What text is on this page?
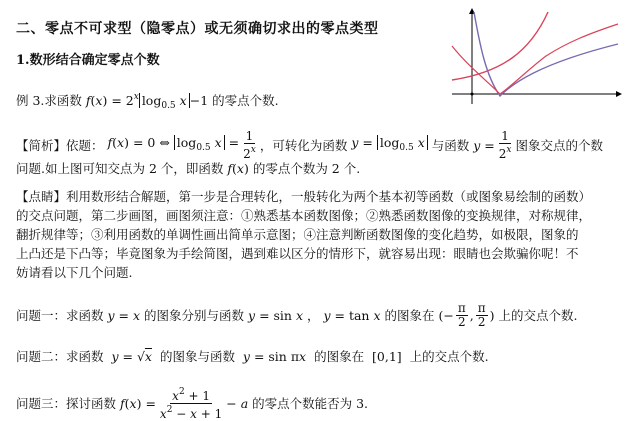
二、零点不可求型（隐零点）或无须确切求出的零点类型
1.数形结合确定零点个数
例 3.求函数 $f(x) = 2^x$ $\log_{0.5} x -1$ 的零点个数.
【简析】 依题： f(x) = 0 ⇔ $\log_{0.5} x = \frac{1}{2^x}$ ，可转化为函数 $y = \log_{0.5} x$ 与函数 $y = \frac{1}{2^x}$ 图象交点的个数
问题.如上图可知交点为 2 个，即函数 f(x) 的零点个数为 2 个.
【点睛】利用数形结合解题，第一步是合理转化，一般转化为两个基本初等函数（或图象易绘制的函数）
的交点问题，第二步画图，画图须注意：①熟悉基本函数图像；②熟悉函数图像的变换规律，对称规律，
翻折规律等；③利用函数的单调性画出简单示意图；④注意判断函数图像的变化趋势，如极限，图象的
上凸还是下凸等；毕竟图象为手绘简图，遇到难以区分的情形下，就容易出现：眼睛也会欺骗你呢！不
妨请看以下几个问题.
问题一：求函数 y = x 的图象分别与函数 y = sin x ， y = tan x 的图象在 (− $\frac{\pi}{2}$ , $\frac{\pi}{2}$ ) 上的交点个数.
问题二：求函数 y = √x 的图象与函数 y = sin πx 的图象在  [0,1]  上的交点个数.
问题三：探讨函数 $f(x) = \frac{x^2 + 1}{x^2 - x + 1} - a$ 的零点个数能否为 3.
